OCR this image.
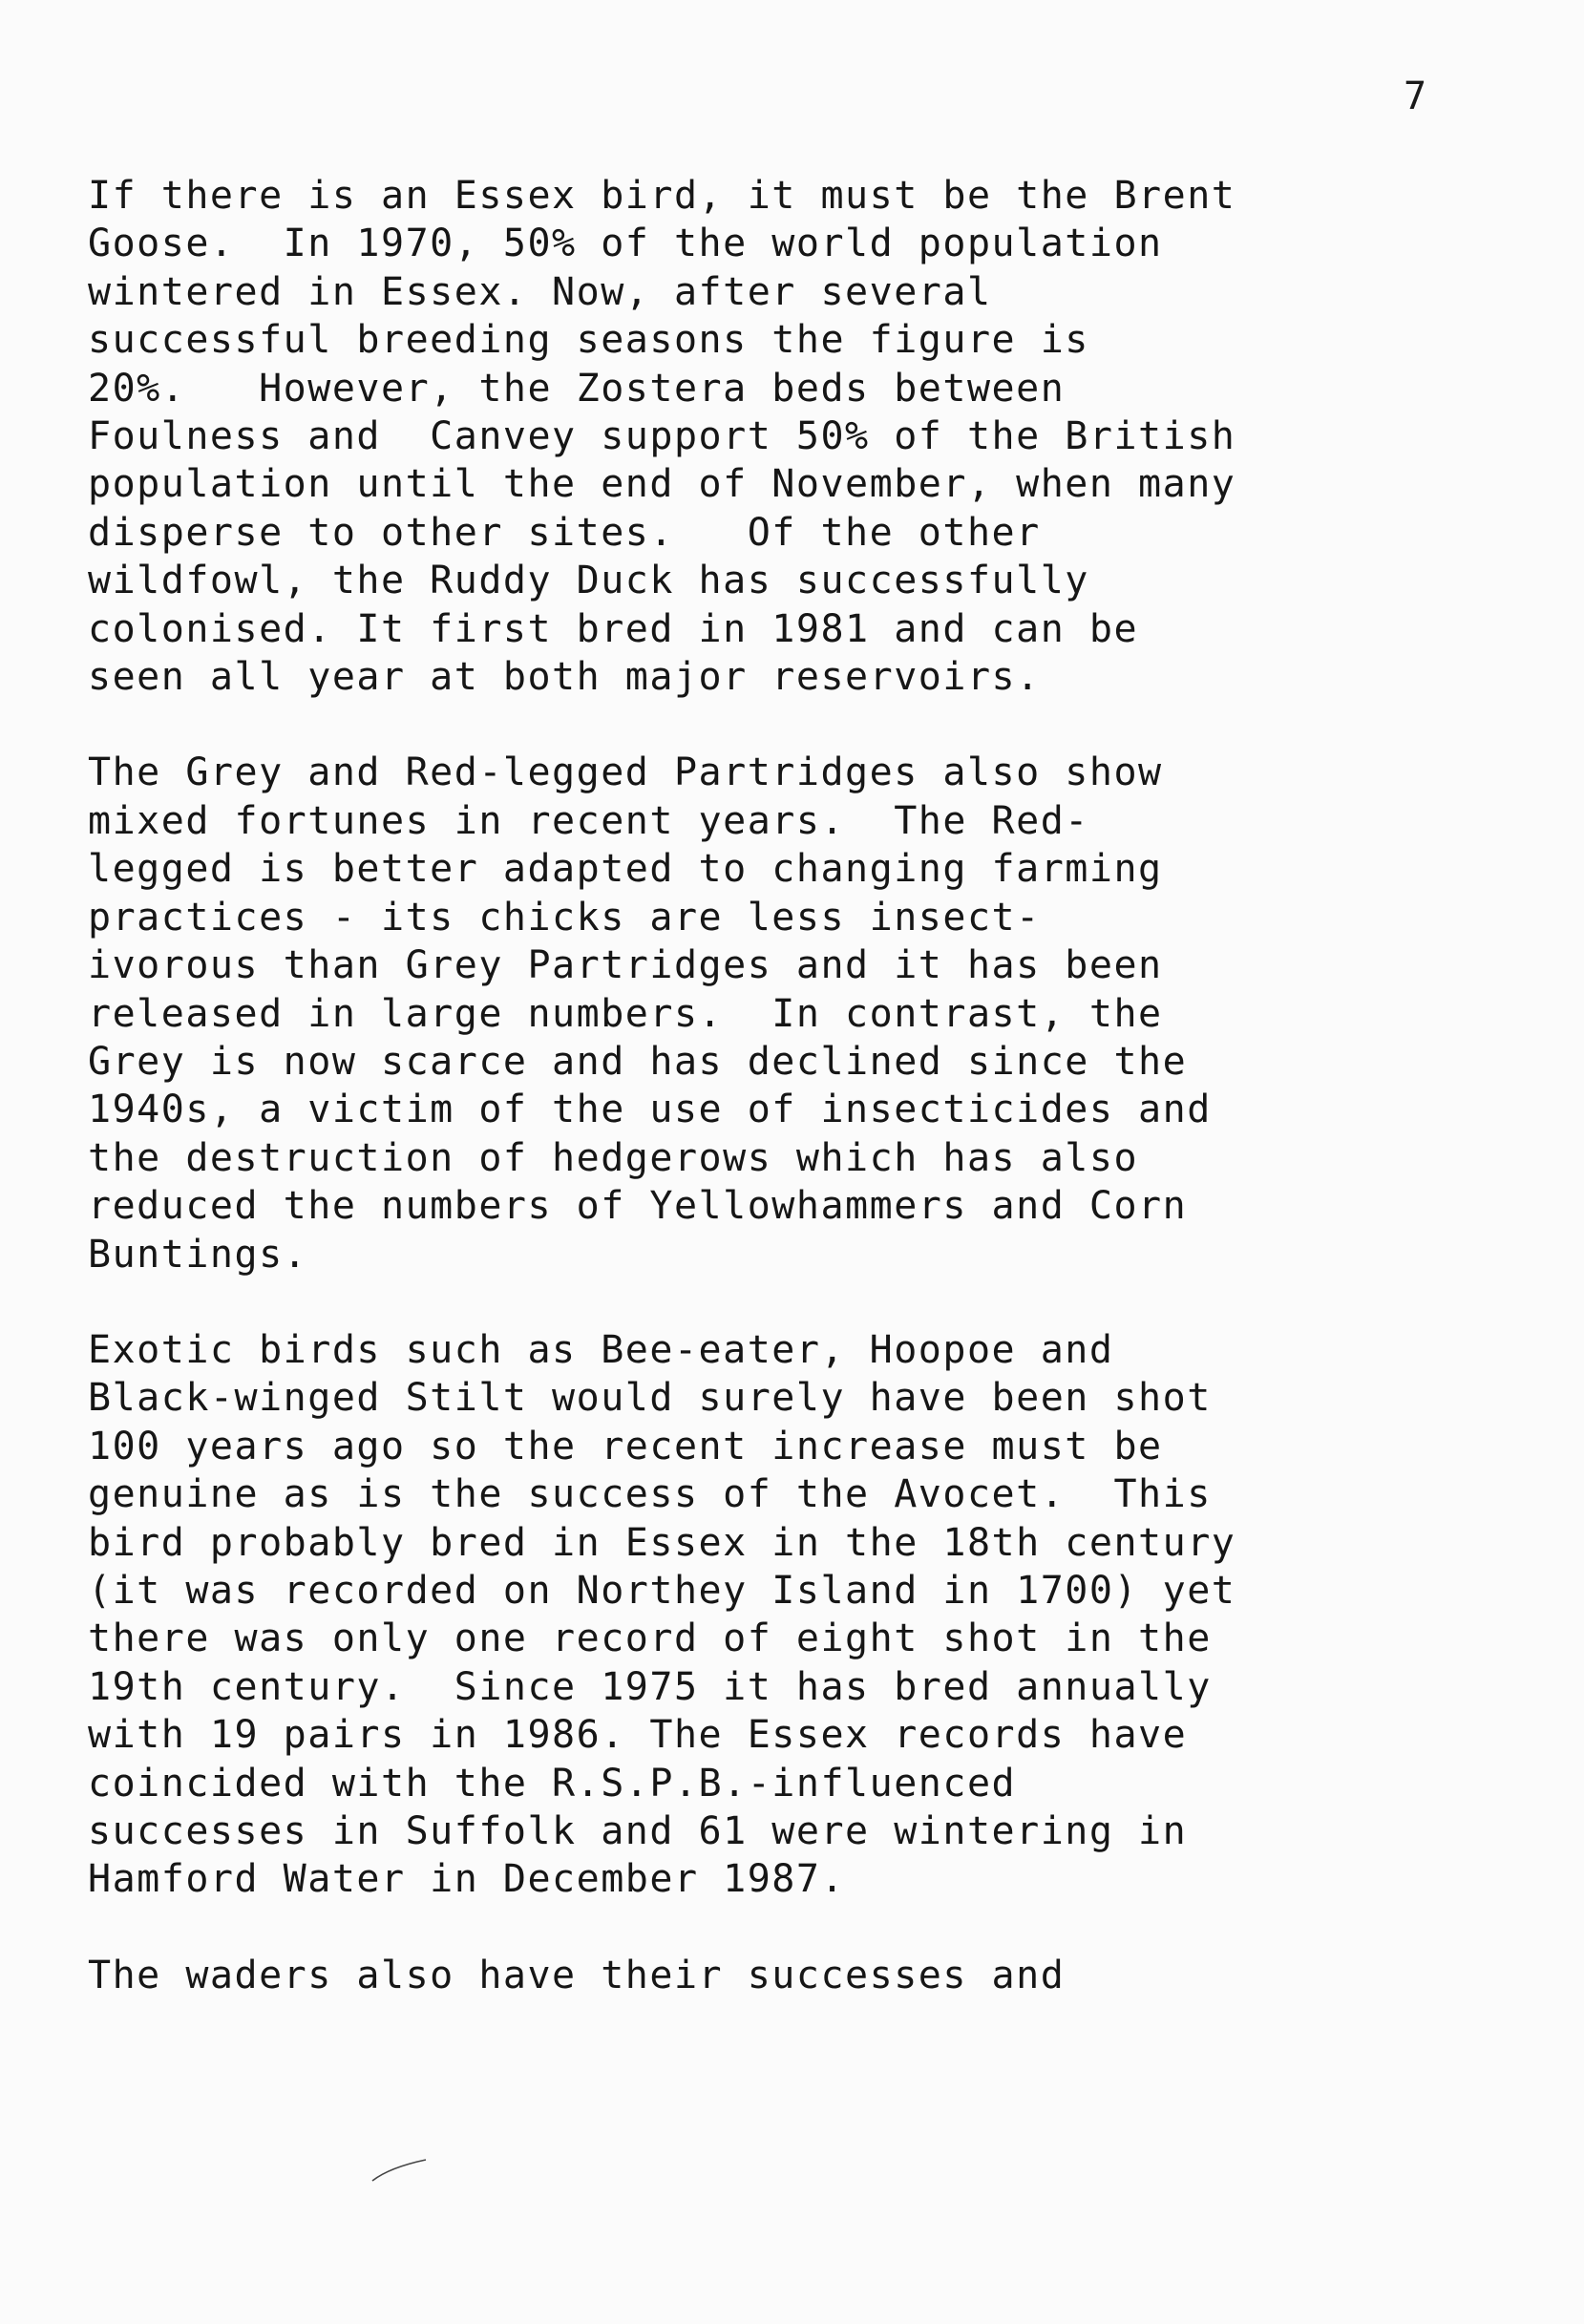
7
If there is an Essex bird, it must be the Brent
Goose.  In 1970, 50% of the world population
wintered in Essex. Now, after several
successful breeding seasons the figure is
20%.   However, the Zostera beds between
Foulness and  Canvey support 50% of the British
population until the end of November, when many
disperse to other sites.   Of the other
wildfowl, the Ruddy Duck has successfully
colonised. It first bred in 1981 and can be
seen all year at both major reservoirs.
The Grey and Red-legged Partridges also show
mixed fortunes in recent years.  The Red-
legged is better adapted to changing farming
practices - its chicks are less insect-
ivorous than Grey Partridges and it has been
released in large numbers.  In contrast, the
Grey is now scarce and has declined since the
1940s, a victim of the use of insecticides and
the destruction of hedgerows which has also
reduced the numbers of Yellowhammers and Corn
Buntings.
Exotic birds such as Bee-eater, Hoopoe and
Black-winged Stilt would surely have been shot
100 years ago so the recent increase must be
genuine as is the success of the Avocet.  This
bird probably bred in Essex in the 18th century
(it was recorded on Northey Island in 1700) yet
there was only one record of eight shot in the
19th century.  Since 1975 it has bred annually
with 19 pairs in 1986. The Essex records have
coincided with the R.S.P.B.-influenced
successes in Suffolk and 61 were wintering in
Hamford Water in December 1987.
The waders also have their successes and
